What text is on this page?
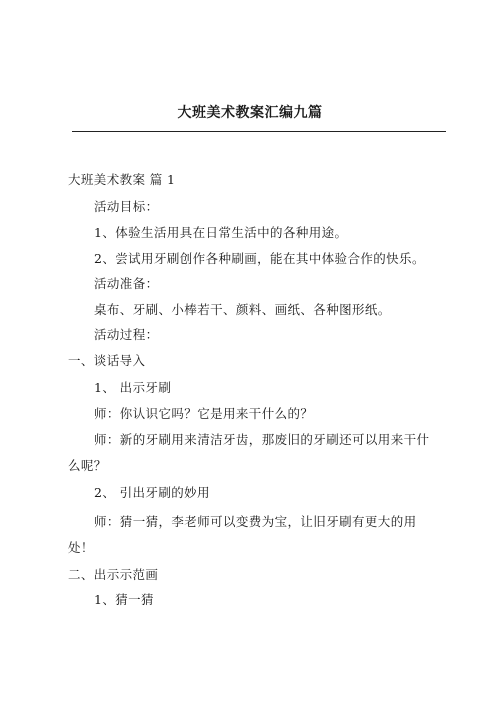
大班美术教案汇编九篇
大班美术教案 篇 1
活动目标：
1、体验生活用具在日常生活中的各种用途。
2、尝试用牙刷创作各种刷画，能在其中体验合作的快乐。
活动准备：
桌布、牙刷、小棒若干、颜料、画纸、各种图形纸。
活动过程：
一、谈话导入
1、 出示牙刷
师：你认识它吗？它是用来干什么的？
师：新的牙刷用来清洁牙齿，那废旧的牙刷还可以用来干什
么呢？
2、 引出牙刷的妙用
师：猜一猜，李老师可以变费为宝，让旧牙刷有更大的用
处！
二、出示示范画
1、猜一猜
